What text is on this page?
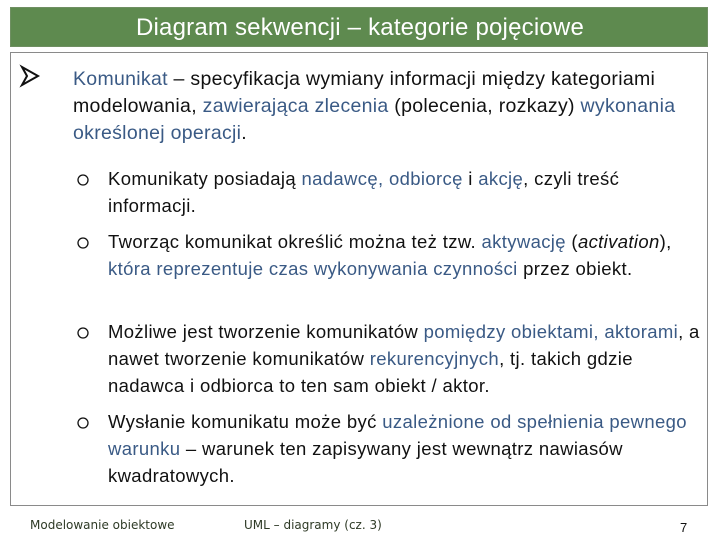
Diagram sekwencji – kategorie pojęciowe
Komunikat – specyfikacja wymiany informacji między kategoriami modelowania, zawierająca zlecenia (polecenia, rozkazy) wykonania określonej operacji.
Komunikaty posiadają nadawcę, odbiorcę i akcję, czyli treść informacji.
Tworząc komunikat określić można też tzw. aktywację (activation), która reprezentuje czas wykonywania czynności przez obiekt.
Możliwe jest tworzenie komunikatów pomiędzy obiektami, aktorami, a nawet tworzenie komunikatów rekurencyjnych, tj. takich gdzie nadawca i odbiorca to ten sam obiekt / aktor.
Wysłanie komunikatu może być uzależnione od spełnienia pewnego warunku – warunek ten zapisywany jest wewnątrz nawiasów kwadratowych.
Modelowanie obiektowe	UML – diagramy (cz. 3)	7
